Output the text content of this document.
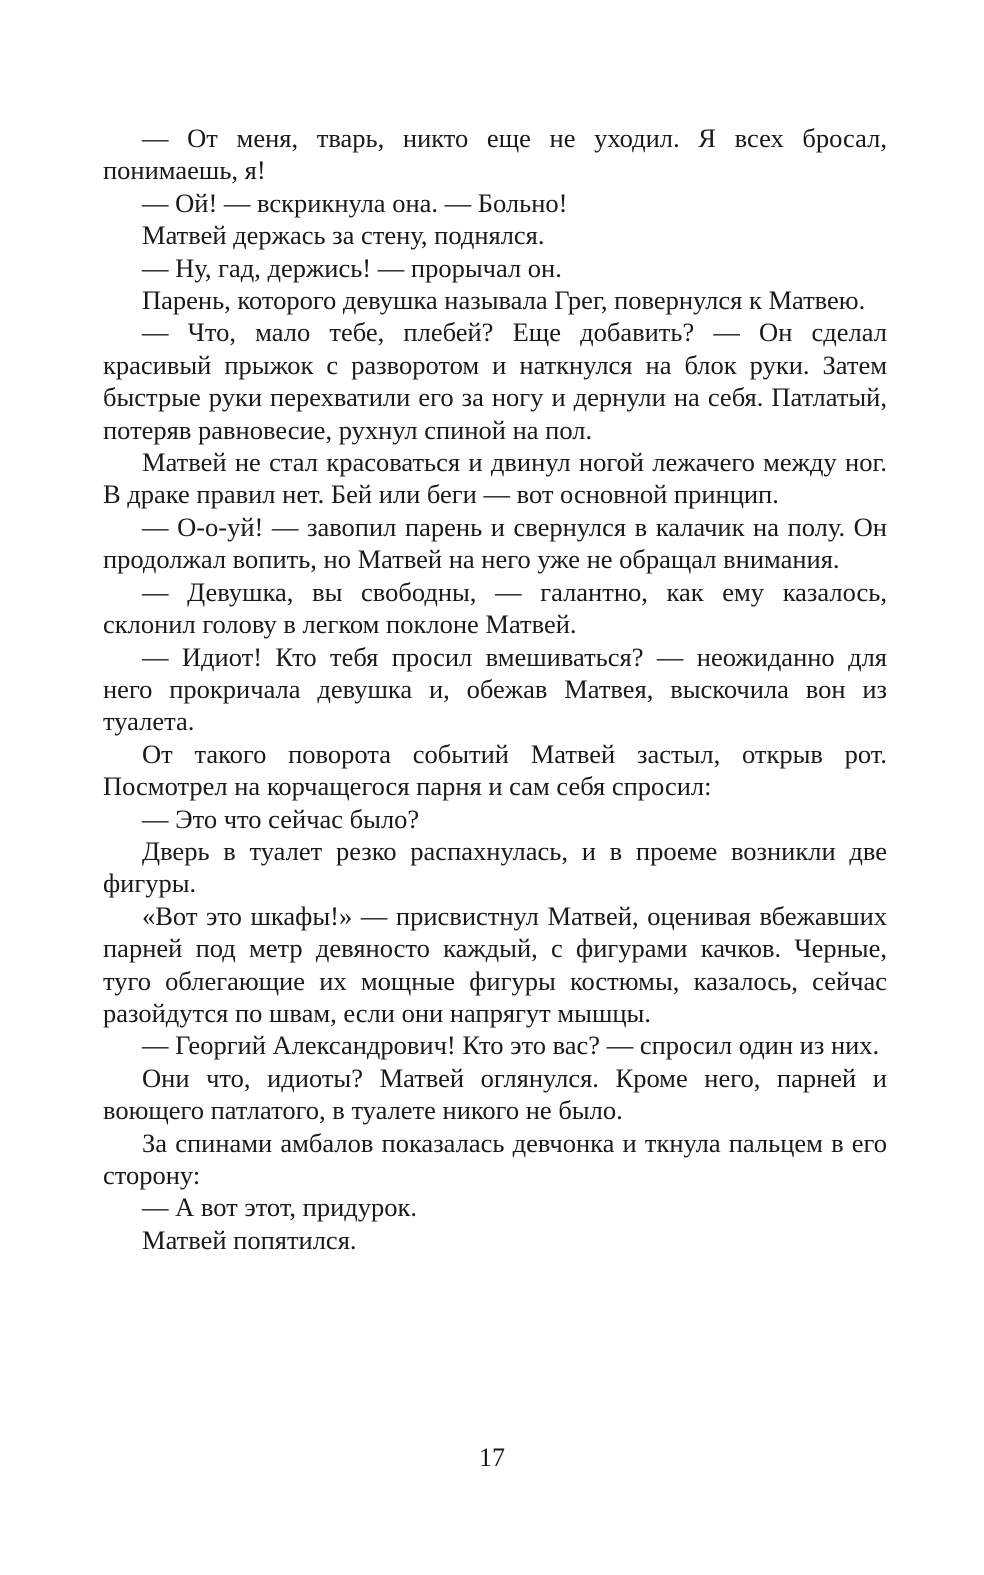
— От меня, тварь, никто еще не уходил. Я всех бросал, понимаешь, я!

— Ой! — вскрикнула она. — Больно!

Матвей держась за стену, поднялся.

— Ну, гад, держись! — прорычал он.

Парень, которого девушка называла Грег, повернулся к Матвею.

— Что, мало тебе, плебей? Еще добавить? — Он сделал красивый прыжок с разворотом и наткнулся на блок руки. Затем быстрые руки перехватили его за ногу и дернули на себя. Патлатый, потеряв равновесие, рухнул спиной на пол.

Матвей не стал красоваться и двинул ногой лежачего между ног. В драке правил нет. Бей или беги — вот основной принцип.

— О-о-уй! — завопил парень и свернулся в калачик на полу. Он продолжал вопить, но Матвей на него уже не обращал внимания.

— Девушка, вы свободны, — галантно, как ему казалось, склонил голову в легком поклоне Матвей.

— Идиот! Кто тебя просил вмешиваться? — неожиданно для него прокричала девушка и, обежав Матвея, выскочила вон из туалета.

От такого поворота событий Матвей застыл, открыв рот. Посмотрел на корчащегося парня и сам себя спросил:

— Это что сейчас было?

Дверь в туалет резко распахнулась, и в проеме возникли две фигуры.

«Вот это шкафы!» — присвистнул Матвей, оценивая вбежавших парней под метр девяносто каждый, с фигурами качков. Черные, туго облегающие их мощные фигуры костюмы, казалось, сейчас разойдутся по швам, если они напрягут мышцы.

— Георгий Александрович! Кто это вас? — спросил один из них.

Они что, идиоты? Матвей оглянулся. Кроме него, парней и воющего патлатого, в туалете никого не было.

За спинами амбалов показалась девчонка и ткнула пальцем в его сторону:

— А вот этот, придурок.

Матвей попятился.

17
